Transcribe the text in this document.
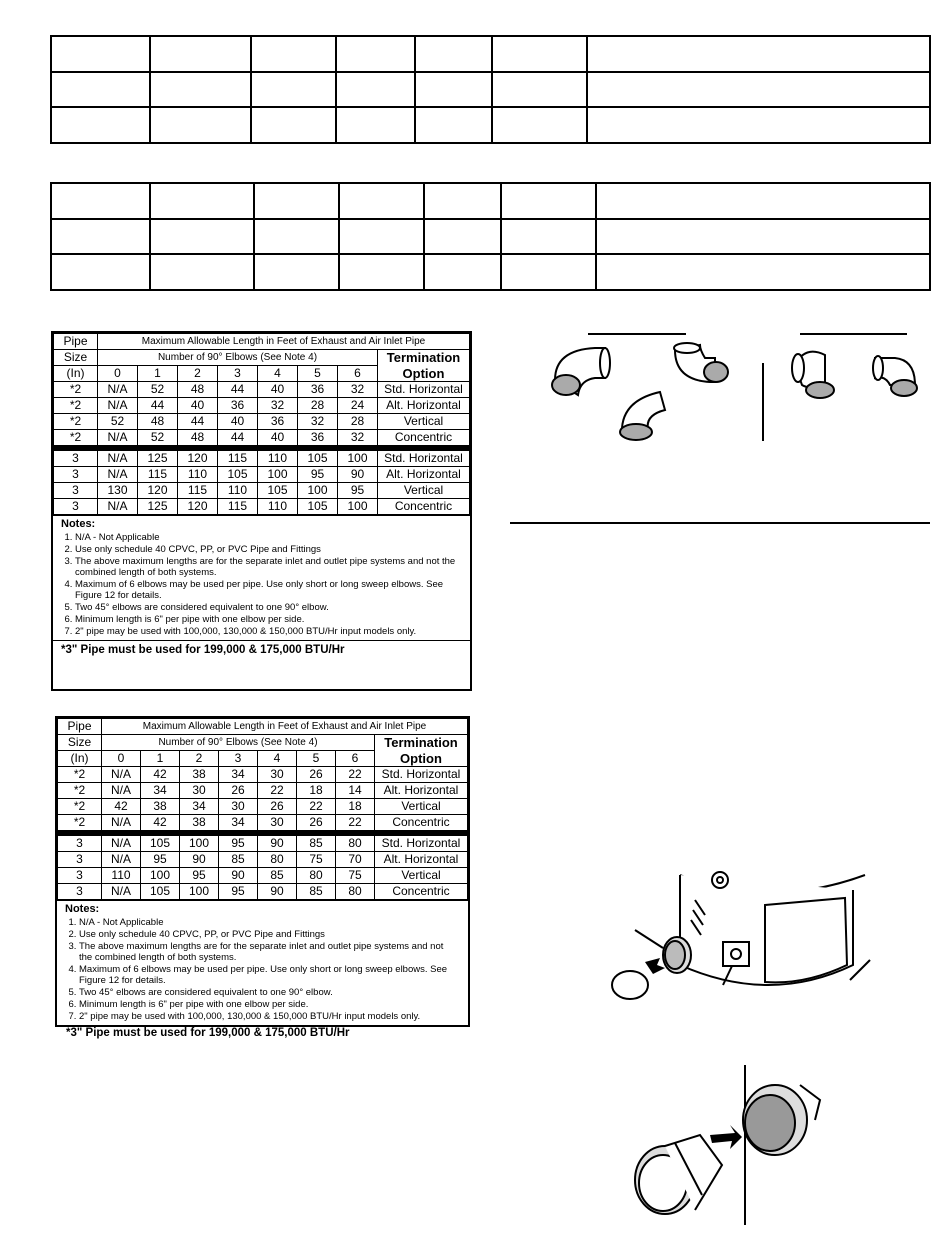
Pipe	Maximum Allowable Length in Feet of Exhaust and Air Inlet Pipe							
Size	Number of 90° Elbows (See Note 4)							Termination
(In)	0	1	2	3	4	5	6	Option
*2	N/A	52	48	44	40	36	32	Std. Horizontal
*2	N/A	44	40	36	32	28	24	Alt. Horizontal
*2	52	48	44	40	36	32	28	Vertical
*2	N/A	52	48	44	40	36	32	Concentric

3	N/A	125	120	115	110	105	100	Std. Horizontal
3	N/A	115	110	105	100	95	90	Alt. Horizontal
3	130	120	115	110	105	100	95	Vertical
3	N/A	125	120	115	110	105	100	Concentric
Notes:
1. N/A - Not Applicable
2. Use only schedule 40 CPVC, PP, or PVC Pipe and Fittings
3. The above maximum lengths are for the separate inlet and outlet pipe systems and not the combined length of both systems.
4. Maximum of 6 elbows may be used per pipe. Use only short or long sweep elbows. See Figure 12 for details.
5. Two 45° elbows are considered equivalent to one 90° elbow.
6. Minimum length is 6" per pipe with one elbow per side.
7. 2" pipe may be used with 100,000, 130,000 & 150,000 BTU/Hr input models only.
*3" Pipe must be used for 199,000 & 175,000 BTU/Hr
Pipe	Maximum Allowable Length in Feet of Exhaust and Air Inlet Pipe							
Size	Number of 90° Elbows (See Note 4)							Termination
(In)	0	1	2	3	4	5	6	Option
*2	N/A	42	38	34	30	26	22	Std. Horizontal
*2	N/A	34	30	26	22	18	14	Alt. Horizontal
*2	42	38	34	30	26	22	18	Vertical
*2	N/A	42	38	34	30	26	22	Concentric

3	N/A	105	100	95	90	85	80	Std. Horizontal
3	N/A	95	90	85	80	75	70	Alt. Horizontal
3	110	100	95	90	85	80	75	Vertical
3	N/A	105	100	95	90	85	80	Concentric
Notes:
1. N/A - Not Applicable
2. Use only schedule 40 CPVC, PP, or PVC Pipe and Fittings
3. The above maximum lengths are for the separate inlet and outlet pipe systems and not the combined length of both systems.
4. Maximum of 6 elbows may be used per pipe. Use only short or long sweep elbows. See Figure 12 for details.
5. Two 45° elbows are considered equivalent to one 90° elbow.
6. Minimum length is 6" per pipe with one elbow per side.
7. 2" pipe may be used with 100,000, 130,000 & 150,000 BTU/Hr input models only.
*3" Pipe must be used for 199,000 & 175,000 BTU/Hr
